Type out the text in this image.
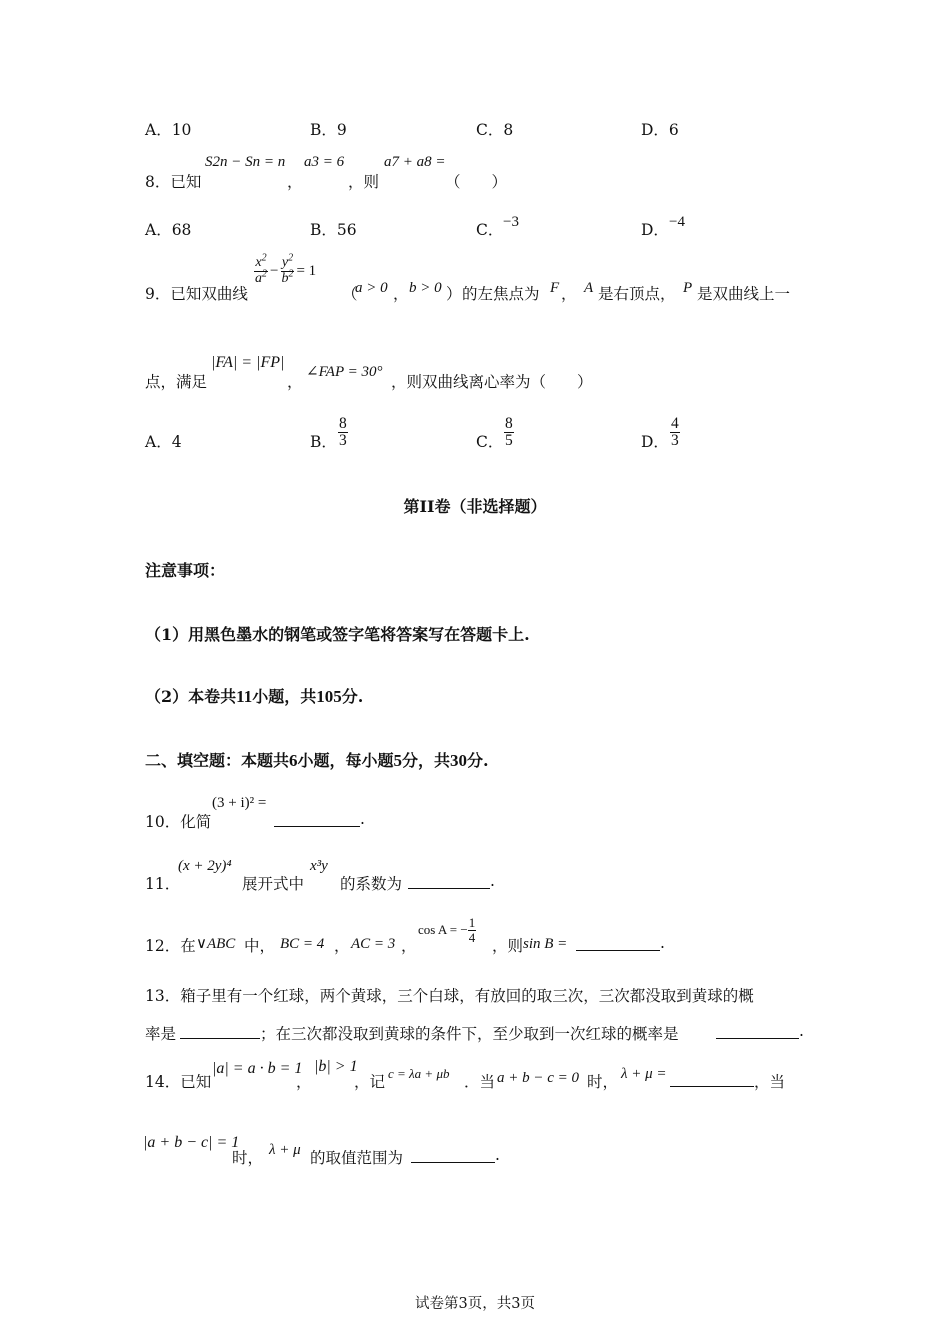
A．10	B．9	C．8	D．6
8．已知
S2n − Sn = n
，
a3 = 6
，则
a7 + a8 =
（　　）
A．68	B．56	C． −3	D． −4
9．已知双曲线
$\frac{x^2}{a^2} - \frac{y^2}{b^2} = 1$
（
a > 0 ， b > 0 ） 的左焦点为 F ， A 是右顶点， P 是双曲线上一
点，满足
|FA| = |FP|
，
∠FAP = 30°
，则双曲线离心率为（　　）
A．4	B． $\frac{8}{3}$	C． $\frac{8}{5}$	D． $\frac{4}{3}$
第II卷（非选择题）
注意事项：
（1）用黑色墨水的钢笔或签字笔将答案写在答题卡上.
（2）本卷共11小题，共105分.
二、填空题：本题共6小题，每小题5分，共30分.
10．化简
(3 + i)² =
.
11．
(x + 2y)⁴
展开式中
x³y
的系数为	.
12．在 ∨ABC 中， BC = 4 ， AC = 3 ，
cos A = − $\frac{1}{4}$
，则 sin B =	.
13．箱子里有一个红球，两个黄球，三个白球，有放回的取三次，三次都没取到黄球的概
率是	；在三次都没取到黄球的条件下，至少取到一次红球的概率是	.
14．已知
|a| = a · b = 1
，
|b| > 1
，记 c = λa + μb ．当 a + b − c = 0 时， λ + μ =	，当
|a + b − c| = 1
时， λ + μ 的取值范围为	.
试卷第3页，共3页
